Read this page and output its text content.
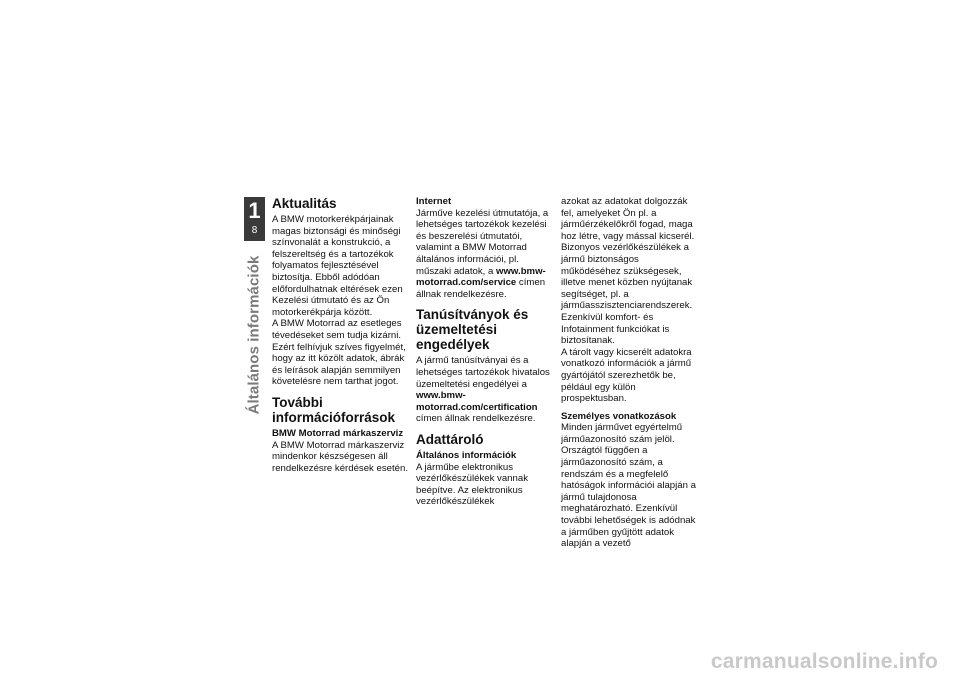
1
8
Általános információk
Aktualitás

A BMW motorkerékpárjainak magas biztonsági és minőségi színvonalát a konstrukció, a felszereltség és a tartozékok folyamatos fejlesztésével biztosítja. Ebből adódóan előfordulhatnak eltérések ezen Kezelési útmutató és az Ön motorkerékpárja között.

A BMW Motorrad az esetleges tévedéseket sem tudja kizárni. Ezért felhívjuk szíves figyelmét, hogy az itt közölt adatok, ábrák és leírások alapján semmilyen követelésre nem tarthat jogot.

További információforrások
BMW Motorrad márkaszerviz

A BMW Motorrad márkaszerviz mindenkor készségesen áll rendelkezésre kérdések esetén.

Internet

Járműve kezelési útmutatója, a lehetséges tartozékok kezelési és beszerelési útmutatói, valamint a BMW Motorrad általános információi, pl. műszaki adatok, a www.bmw-motorrad.com/service címen állnak rendelkezésre.

Tanúsítványok és üzemeltetési engedélyek

A jármű tanúsítványai és a lehetséges tartozékok hivatalos üzemeltetési engedélyei a www.bmw-motorrad.com/certification címen állnak rendelkezésre.

Adattároló
Általános információk

A járműbe elektronikus vezérlőkészülékek vannak beépítve. Az elektronikus vezérlőkészülékek

azokat az adatokat dolgozzák fel, amelyeket Ön pl. a járműérzékelőkről fogad, maga hoz létre, vagy mással kicserél. Bizonyos vezérlőkészülékek a jármű biztonságos működéséhez szükségesek, illetve menet közben nyújtanak segítséget, pl. a járműasszisztenciarendszerek. Ezenkívül komfort- és Infotainment funkciókat is biztosítanak.

A tárolt vagy kicserélt adatokra vonatkozó információk a jármű gyártójától szerezhetők be, például egy külön prospektusban.

Személyes vonatkozások

Minden járművet egyértelmű járműazonosító szám jelöl. Országtól függően a járműazonosító szám, a rendszám és a megfelelő hatóságok információi alapján a jármű tulajdonosa meghatározható. Ezenkívül további lehetőségek is adódnak a járműben gyűjtött adatok alapján a vezető

carmanualsonline.info
